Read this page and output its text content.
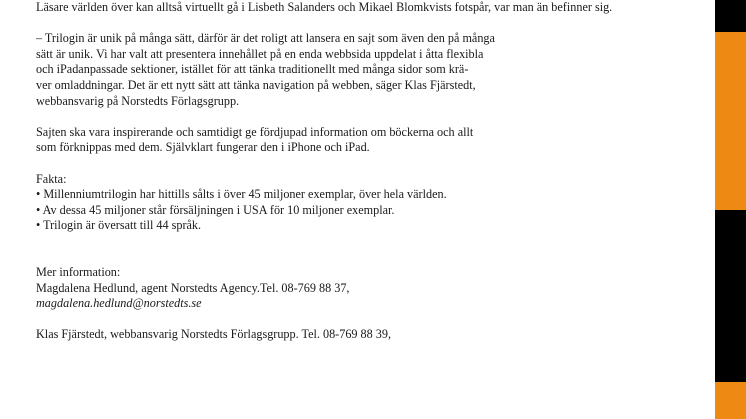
Läsare världen över kan alltså virtuellt gå i Lisbeth Salanders och Mikael Blomkvists fotspår, var man än befinner sig.

– Trilogin är unik på många sätt, därför är det roligt att lansera en sajt som även den på många

sätt är unik. Vi har valt att presentera innehållet på en enda webbsida uppdelat i åtta flexibla

och iPadanpassade sektioner, istället för att tänka traditionellt med många sidor som krä-

ver omladdningar. Det är ett nytt sätt att tänka navigation på webben, säger Klas Fjärstedt,

webbansvarig på Norstedts Förlagsgrupp.

Sajten ska vara inspirerande och samtidigt ge fördjupad information om böckerna och allt

som förknippas med dem. Självklart fungerar den i iPhone och iPad.

Fakta:

• Millenniumtrilogin har hittills sålts i över 45 miljoner exemplar, över hela världen.

• Av dessa 45 miljoner står försäljningen i USA för 10 miljoner exemplar.

• Trilogin är översatt till 44 språk.

Mer information:

Magdalena Hedlund, agent Norstedts Agency.Tel. 08-769 88 37,

magdalena.hedlund@norstedts.se

Klas Fjärstedt, webbansvarig Norstedts Förlagsgrupp. Tel. 08-769 88 39,
